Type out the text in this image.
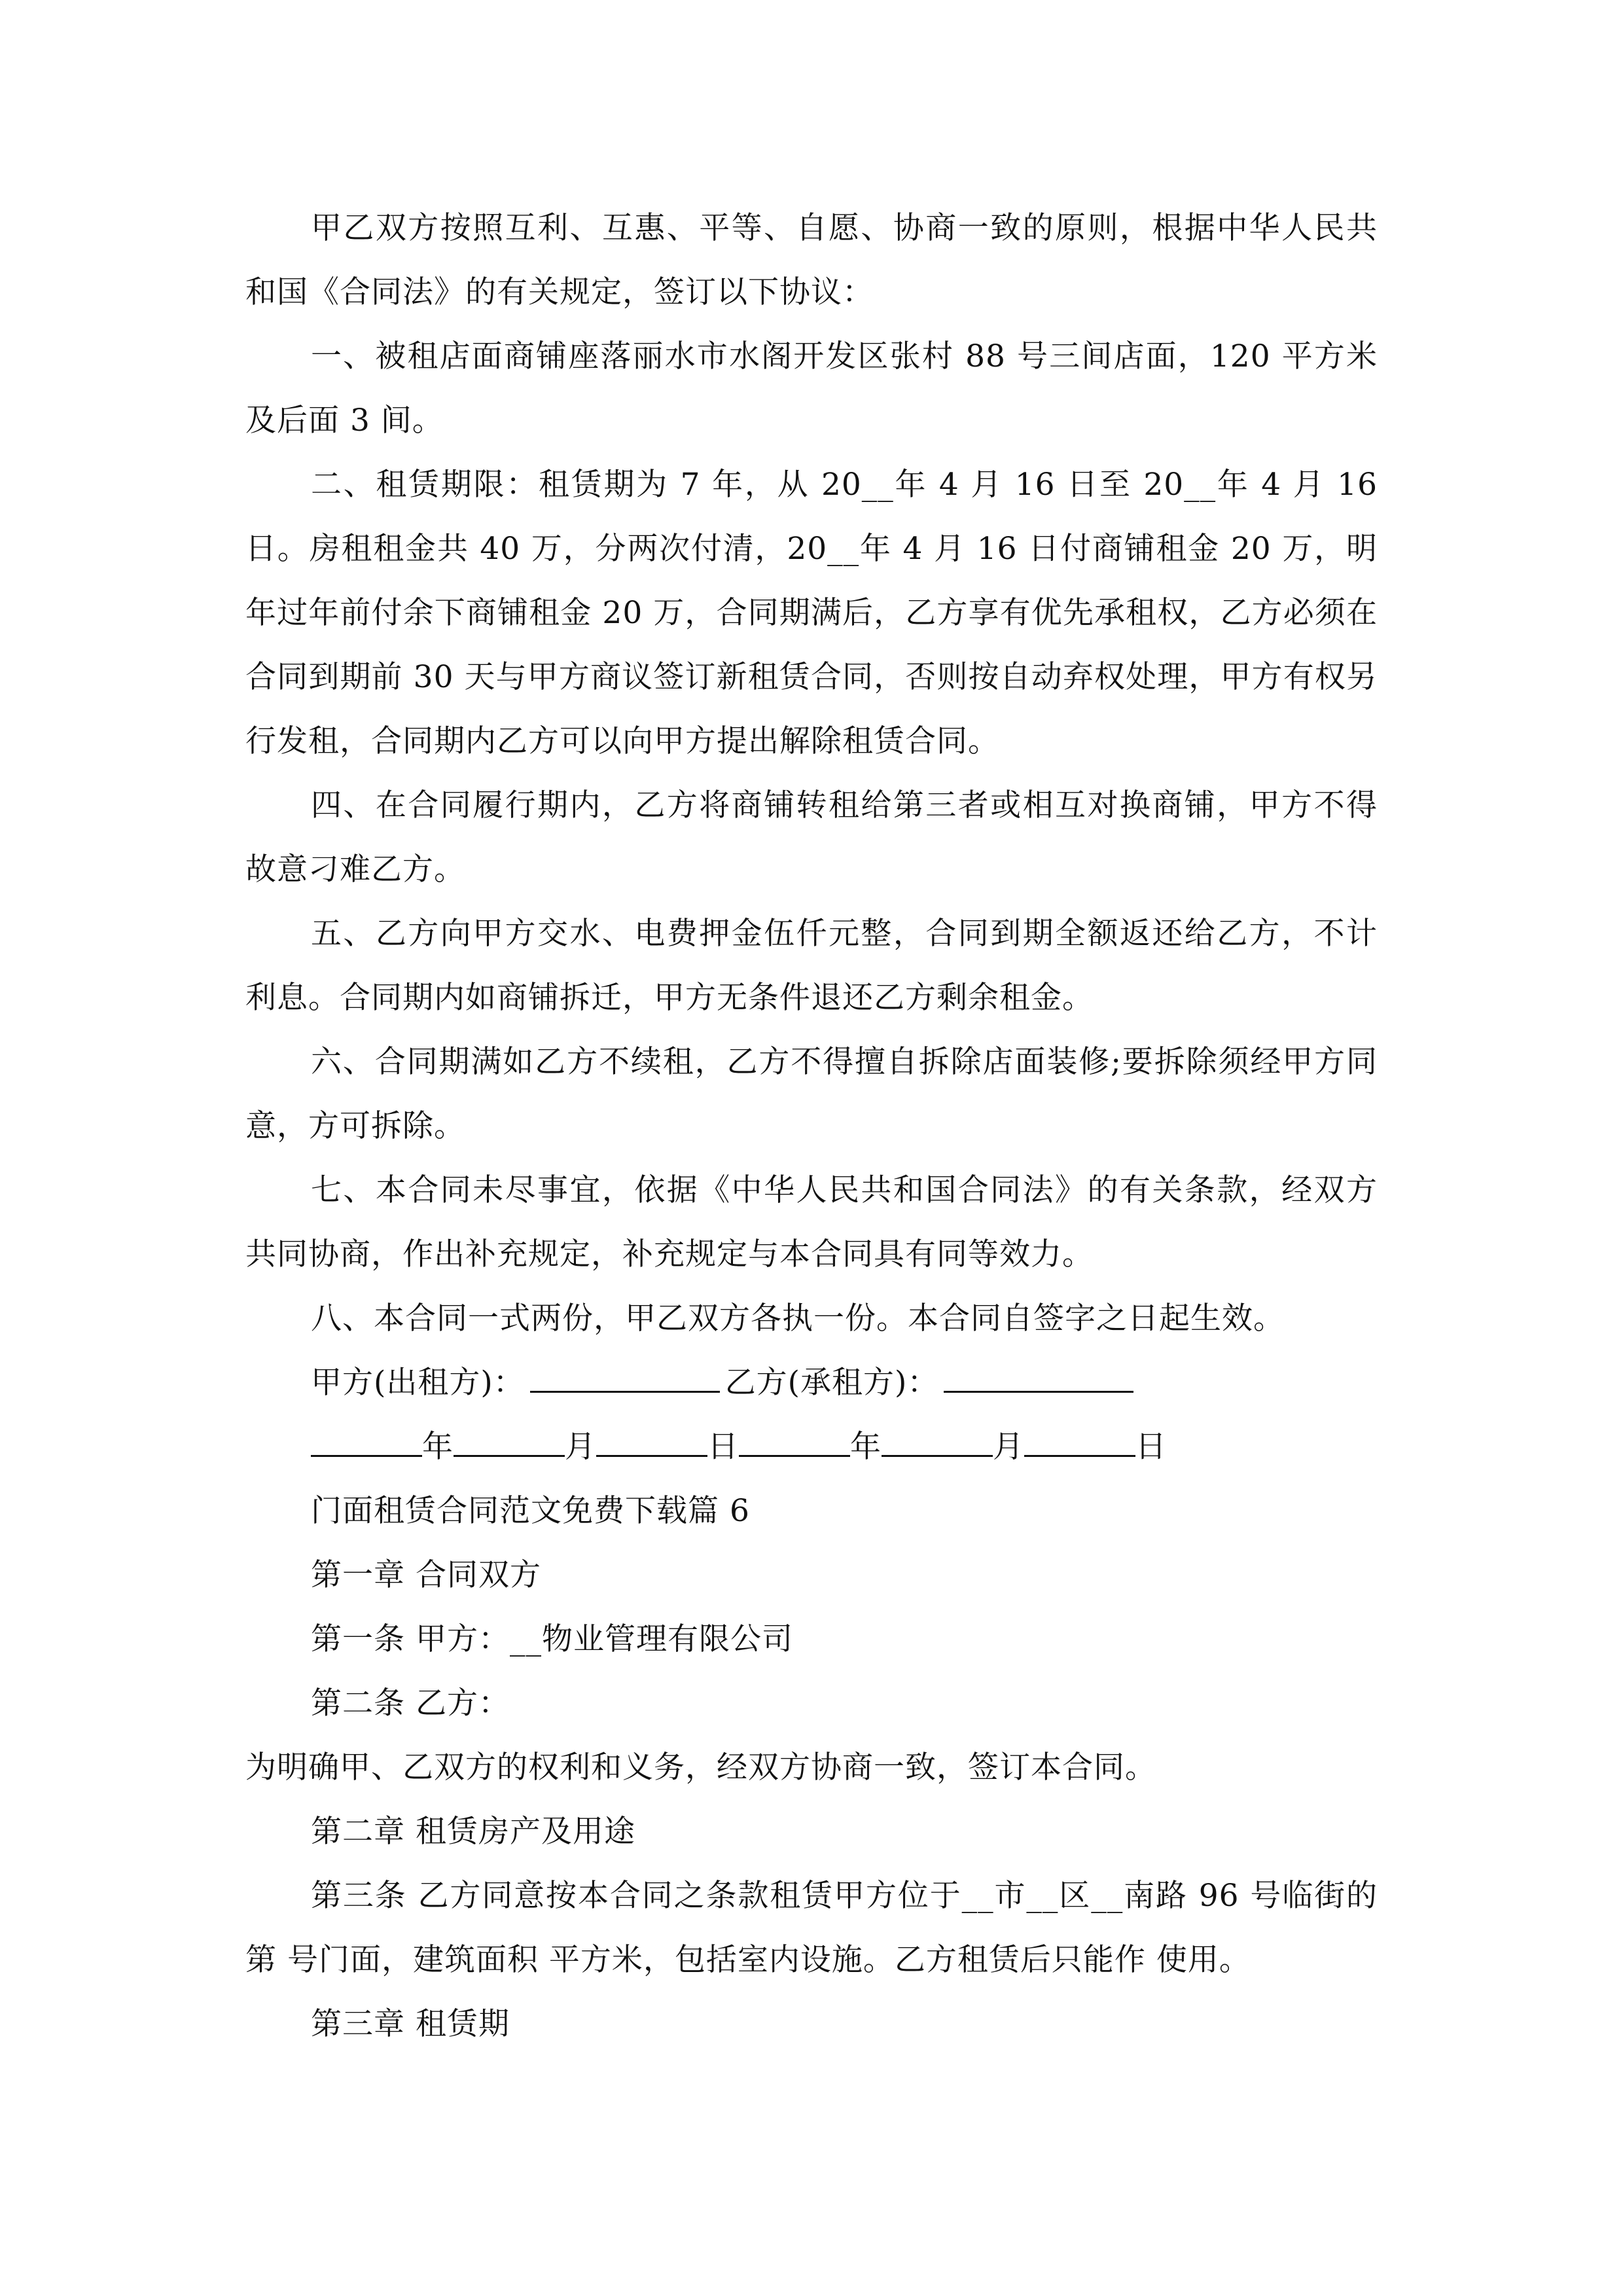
甲乙双方按照互利、互惠、平等、自愿、协商一致的原则，根据中华人民共和国《合同法》的有关规定，签订以下协议：

一、被租店面商铺座落丽水市水阁开发区张村 88 号三间店面，120 平方米及后面 3 间。

二、租赁期限：租赁期为 7 年，从 20__年 4 月 16 日至 20__年 4 月 16 日。房租租金共 40 万，分两次付清，20__年 4 月 16 日付商铺租金 20 万，明年过年前付余下商铺租金 20 万，合同期满后，乙方享有优先承租权，乙方必须在合同到期前 30 天与甲方商议签订新租赁合同，否则按自动弃权处理，甲方有权另行发租，合同期内乙方可以向甲方提出解除租赁合同。

四、在合同履行期内，乙方将商铺转租给第三者或相互对换商铺，甲方不得故意刁难乙方。

五、乙方向甲方交水、电费押金伍仟元整，合同到期全额返还给乙方，不计利息。合同期内如商铺拆迁，甲方无条件退还乙方剩余租金。

六、合同期满如乙方不续租，乙方不得擅自拆除店面装修;要拆除须经甲方同意，方可拆除。

七、本合同未尽事宜，依据《中华人民共和国合同法》的有关条款，经双方共同协商，作出补充规定，补充规定与本合同具有同等效力。

八、本合同一式两份，甲乙双方各执一份。本合同自签字之日起生效。

甲方(出租方)：	乙方(承租方)：

年	月	日	年	月	日

门面租赁合同范文免费下载篇 6

第一章 合同双方

第一条 甲方：__物业管理有限公司

第二条 乙方：

为明确甲、乙双方的权利和义务，经双方协商一致，签订本合同。

第二章 租赁房产及用途

第三条 乙方同意按本合同之条款租赁甲方位于__市__区__南路 96 号临街的第 号门面，建筑面积 平方米，包括室内设施。乙方租赁后只能作 使用。

第三章 租赁期
